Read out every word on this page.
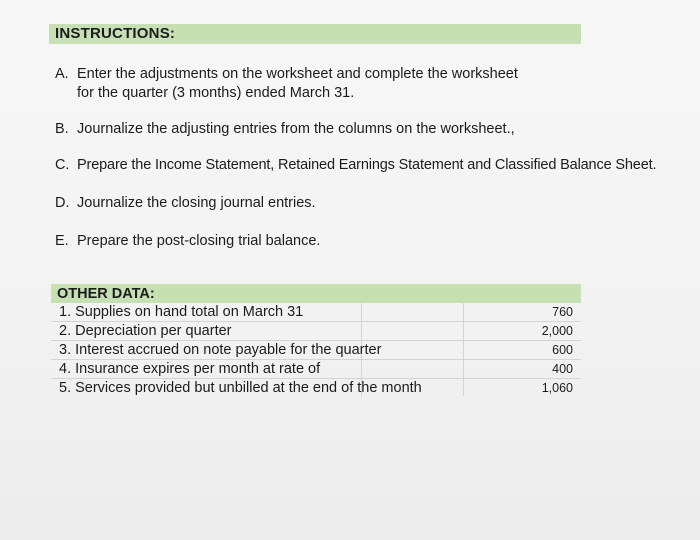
INSTRUCTIONS:
A. Enter the adjustments on the worksheet and complete the worksheet
for the quarter (3 months) ended March 31.
B. Journalize the adjusting entries from the columns on the worksheet.,
C. Prepare the Income Statement, Retained Earnings Statement and Classified Balance Sheet.
D. Journalize the closing journal entries.
E. Prepare the post-closing trial balance.
OTHER DATA:
1. Supplies on hand total on March 31	760
2. Depreciation per quarter	2,000
3. Interest accrued on note payable for the quarter	600
4. Insurance expires per month at rate of	400
5. Services provided but unbilled at the end of the month	1,060
